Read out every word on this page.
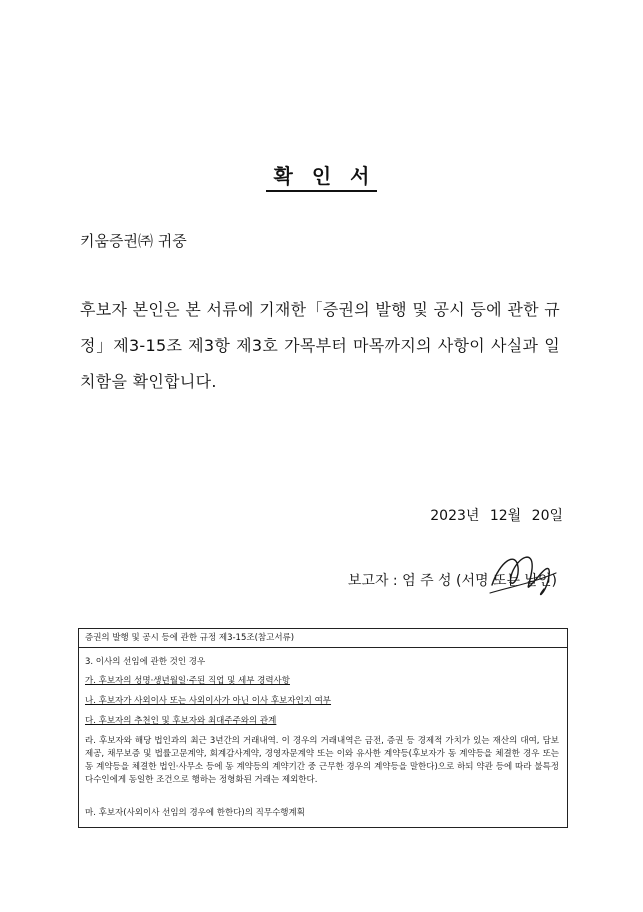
확 인 서
키움증권㈜ 귀중
후보자 본인은 본 서류에 기재한「증권의 발행 및 공시 등에 관한 규정」제3-15조 제3항 제3호 가목부터 마목까지의 사항이 사실과 일치함을 확인합니다.
2023년 12월 20일
보고자 : 엄 주 성 (서명 또는 날인)
증권의 발행 및 공시 등에 관한 규정 제3-15조(참고서류)
3. 이사의 선임에 관한 것인 경우
가. 후보자의 성명·생년월일·주된 직업 및 세부 경력사항
나. 후보자가 사외이사 또는 사외이사가 아닌 이사 후보자인지 여부
다. 후보자의 추천인 및 후보자와 최대주주와의 관계
라. 후보자와 해당 법인과의 최근 3년간의 거래내역. 이 경우의 거래내역은 금전, 증권 등 경제적 가치가 있는 재산의 대여, 담보제공, 채무보증 및 법률고문계약, 회계감사계약, 경영자문계약 또는 이와 유사한 계약등(후보자가 동 계약등을 체결한 경우 또는 동 계약등을 체결한 법인·사무소 등에 동 계약등의 계약기간 중 근무한 경우의 계약등을 말한다)으로 하되 약관 등에 따라 불특정다수인에게 동일한 조건으로 행하는 정형화된 거래는 제외한다.
마. 후보자(사외이사 선임의 경우에 한한다)의 직무수행계획
